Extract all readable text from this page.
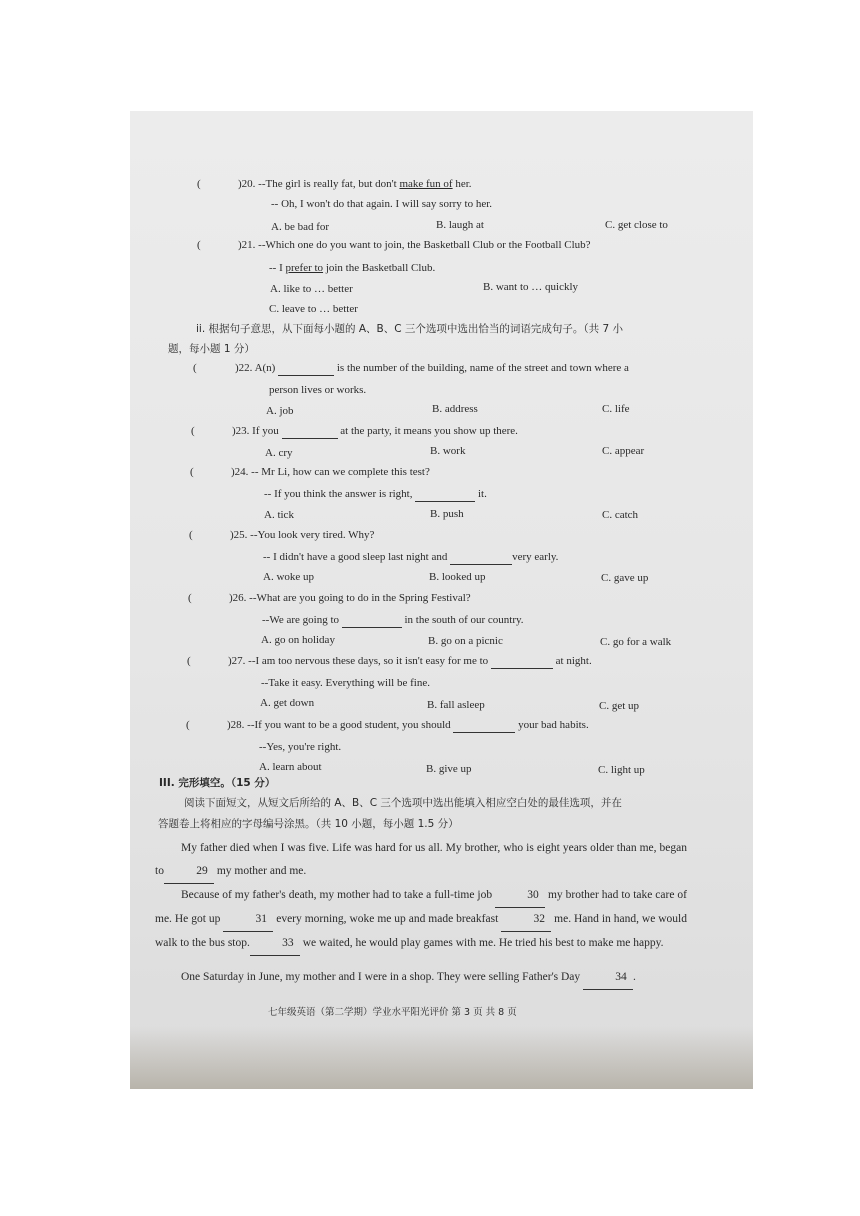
(	)20. --The girl is really fat, but don't make fun of her.
-- Oh, I won't do that again. I will say sorry to her.
A. be bad for	B. laugh at	C. get close to
(	)21. --Which one do you want to join, the Basketball Club or the Football Club?
-- I prefer to join the Basketball Club.
A. like to … better	B. want to … quickly
C. leave to … better
ii. 根据句子意思，从下面每小题的 A、B、C 三个选项中选出恰当的词语完成句子。（共 7 小
题，每小题 1 分）
(	)22. A(n)	is the number of the building, name of the street and town where a
person lives or works.
A. job	B. address	C. life
(	)23. If you	at the party, it means you show up there.
A. cry	B. work	C. appear
(	)24. -- Mr Li, how can we complete this test?
-- If you think the answer is right,	it.
A. tick	B. push	C. catch
(	)25. --You look very tired. Why?
-- I didn't have a good sleep last night and	very early.
A. woke up	B. looked up	C. gave up
(	)26. --What are you going to do in the Spring Festival?
--We are going to	in the south of our country.
A. go on holiday	B. go on a picnic	C. go for a walk
(	)27. --I am too nervous these days, so it isn't easy for me to	at night.
--Take it easy. Everything will be fine.
A. get down	B. fall asleep	C. get up
(	)28. --If you want to be a good student, you should	your bad habits.
--Yes, you're right.
A. learn about	B. give up	C. light up
III. 完形填空。（15 分）
阅读下面短文，从短文后所给的 A、B、C 三个选项中选出能填入相应空白处的最佳选项，并在
答题卷上将相应的字母编号涂黑。（共 10 小题，每小题 1.5 分）
My father died when I was five. Life was hard for us all. My brother, who is eight years older than me, began to	29 my mother and me.
Because of my father's death, my mother had to take a full-time job	30 my brother had to take care of me. He got up	31 every morning, woke me up and made breakfast	32 me. Hand in hand, we would walk to the bus stop.	33 we waited, he would play games with me. He tried his best to make me happy.
One Saturday in June, my mother and I were in a shop. They were selling Father's Day	34 .
七年级英语（第二学期）学业水平阳光评价 第 3 页 共 8 页
